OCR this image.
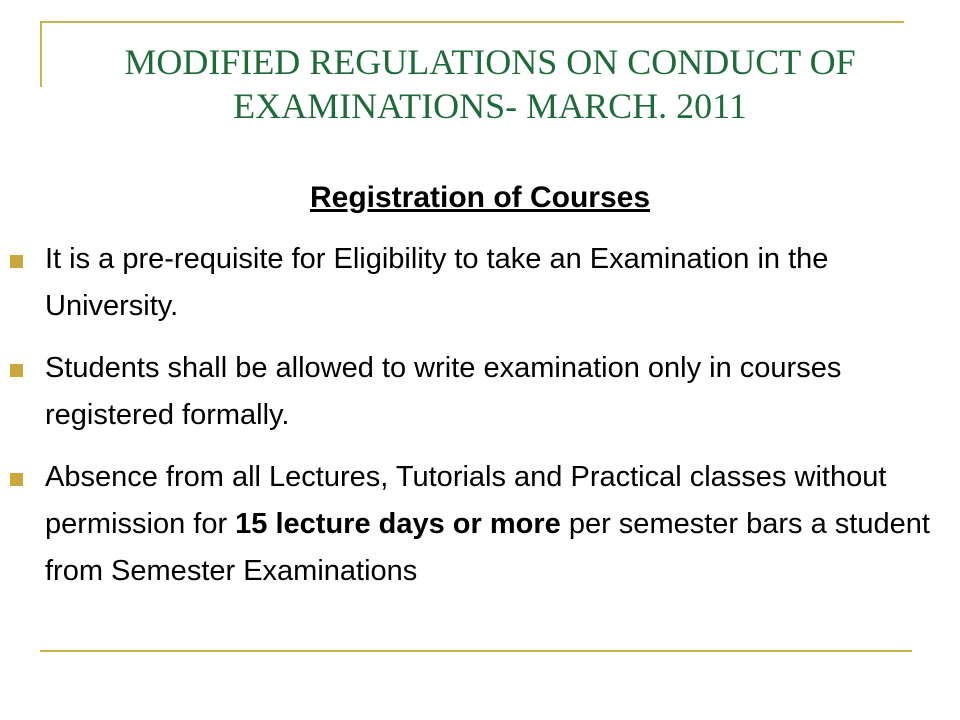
MODIFIED REGULATIONS ON CONDUCT OF EXAMINATIONS- MARCH. 2011
Registration of Courses
It is a pre-requisite for Eligibility to take an Examination in the University.
Students shall be allowed to write examination only in courses registered formally.
Absence from all Lectures, Tutorials and Practical classes without permission for 15 lecture days or more per semester bars a student from Semester Examinations
